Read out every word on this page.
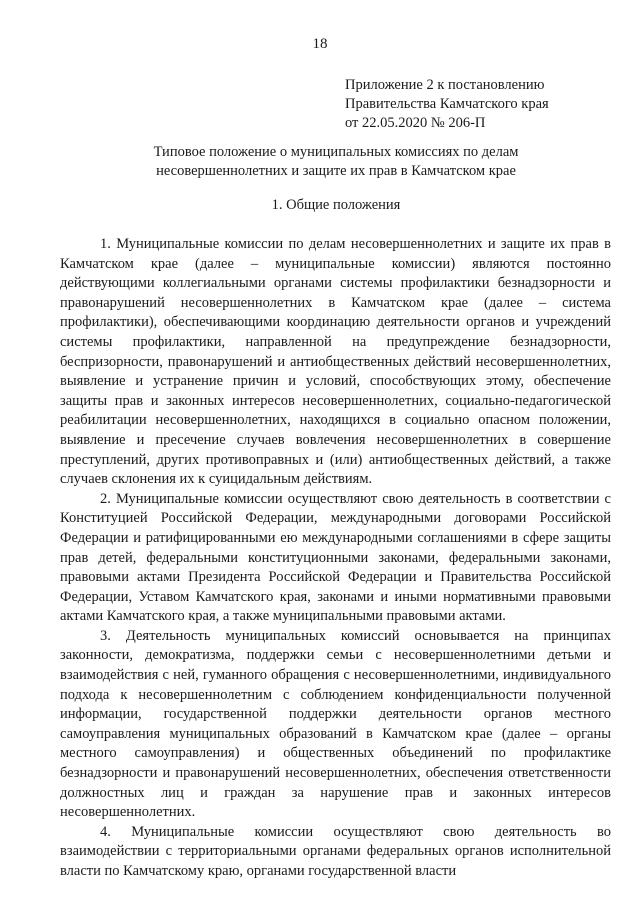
18
Приложение 2 к постановлению
Правительства Камчатского края
от 22.05.2020 № 206-П
Типовое положение о муниципальных комиссиях по делам
несовершеннолетних и защите их прав в Камчатском крае
1. Общие положения

1. Муниципальные комиссии по делам несовершеннолетних и защите их прав в Камчатском крае (далее – муниципальные комиссии) являются постоянно действующими коллегиальными органами системы профилактики безнадзорности и правонарушений несовершеннолетних в Камчатском крае (далее – система профилактики), обеспечивающими координацию деятельности органов и учреждений системы профилактики, направленной на предупреждение безнадзорности, беспризорности, правонарушений и антиобщественных действий несовершеннолетних, выявление и устранение причин и условий, способствующих этому, обеспечение защиты прав и законных интересов несовершеннолетних, социально-педагогической реабилитации несовершеннолетних, находящихся в социально опасном положении, выявление и пресечение случаев вовлечения несовершеннолетних в совершение преступлений, других противоправных и (или) антиобщественных действий, а также случаев склонения их к суицидальным действиям.

2. Муниципальные комиссии осуществляют свою деятельность в соответствии с Конституцией Российской Федерации, международными договорами Российской Федерации и ратифицированными ею международными соглашениями в сфере защиты прав детей, федеральными конституционными законами, федеральными законами, правовыми актами Президента Российской Федерации и Правительства Российской Федерации, Уставом Камчатского края, законами и иными нормативными правовыми актами Камчатского края, а также муниципальными правовыми актами.

3. Деятельность муниципальных комиссий основывается на принципах законности, демократизма, поддержки семьи с несовершеннолетними детьми и взаимодействия с ней, гуманного обращения с несовершеннолетними, индивидуального подхода к несовершеннолетним с соблюдением конфиденциальности полученной информации, государственной поддержки деятельности органов местного самоуправления муниципальных образований в Камчатском крае (далее – органы местного самоуправления) и общественных объединений по профилактике безнадзорности и правонарушений несовершеннолетних, обеспечения ответственности должностных лиц и граждан за нарушение прав и законных интересов несовершеннолетних.

4. Муниципальные комиссии осуществляют свою деятельность во взаимодействии с территориальными органами федеральных органов исполнительной власти по Камчатскому краю, органами государственной власти
